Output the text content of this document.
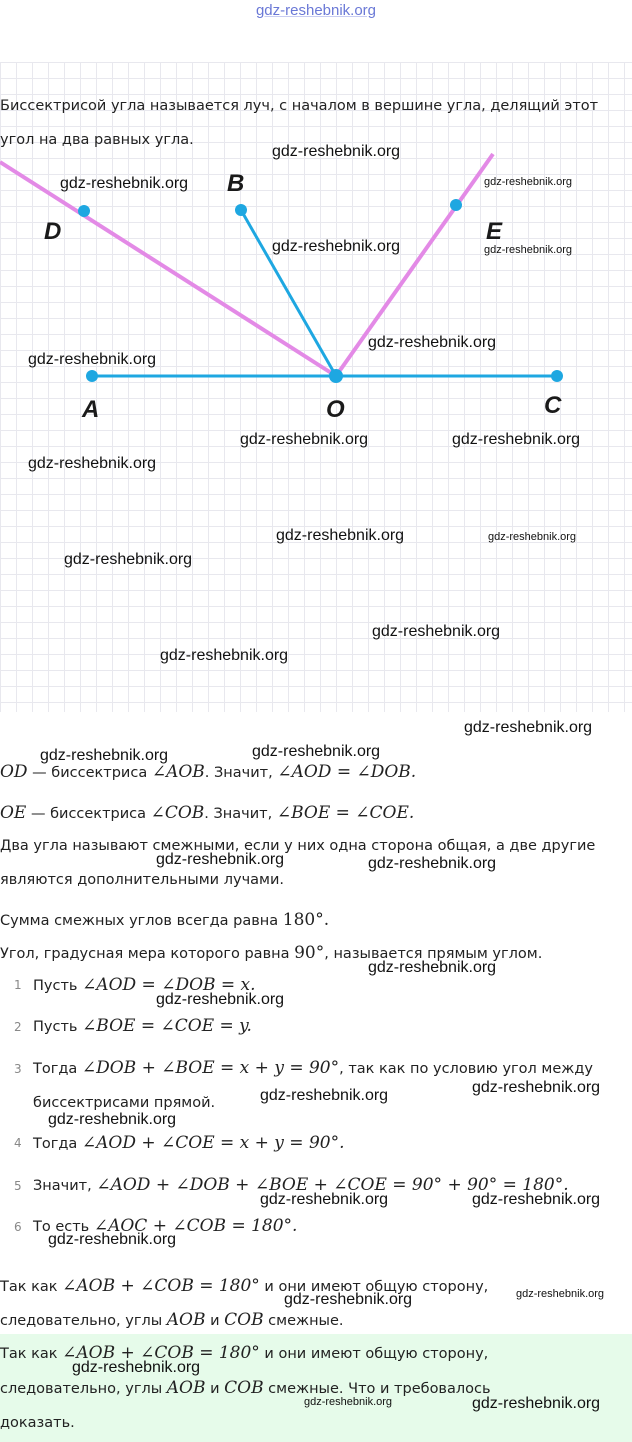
gdz-reshebnik.org
Биссектрисой угла называется луч, с началом в вершине угла, делящий этот
угол на два равных угла.
D
B
E
A	O	C
OD — биссектриса ∠AOB. Значит, ∠AOD = ∠DOB.
OE — биссектриса ∠COB. Значит, ∠BOE = ∠COE.
Два угла называют смежными, если у них одна сторона общая, а две другие
являются дополнительными лучами.
Сумма смежных углов всегда равна 180°.
Угол, градусная мера которого равна 90°, называется прямым углом.
1 Пусть ∠AOD = ∠DOB = x.
2 Пусть ∠BOE = ∠COE = y.
3 Тогда ∠DOB + ∠BOE = x + y = 90°, так как по условию угол между
биссектрисами прямой.
4 Тогда ∠AOD + ∠COE = x + y = 90°.
5 Значит, ∠AOD + ∠DOB + ∠BOE + ∠COE = 90° + 90° = 180°.
6 То есть ∠AOC + ∠COB = 180°.
Так как ∠AOB + ∠COB = 180° и они имеют общую сторону,
следовательно, углы AOB и COB смежные.
Так как ∠AOB + ∠COB = 180° и они имеют общую сторону,
следовательно, углы AOB и COB смежные. Что и требовалось
доказать.
gdz-reshebnik.org
gdz-reshebnik.org	gdz-reshebnik.org
gdz-reshebnik.org	gdz-reshebnik.org
gdz-reshebnik.org
gdz-reshebnik.org
gdz-reshebnik.org	gdz-reshebnik.org
gdz-reshebnik.org
gdz-reshebnik.org	gdz-reshebnik.org
gdz-reshebnik.org
gdz-reshebnik.org
gdz-reshebnik.org
gdz-reshebnik.org
gdz-reshebnik.org	gdz-reshebnik.org
gdz-reshebnik.org	gdz-reshebnik.org
gdz-reshebnik.org
gdz-reshebnik.org
gdz-reshebnik.org
gdz-reshebnik.org
gdz-reshebnik.org
gdz-reshebnik.org	gdz-reshebnik.org
gdz-reshebnik.org
gdz-reshebnik.org
gdz-reshebnik.org
gdz-reshebnik.org
gdz-reshebnik.org	gdz-reshebnik.org
